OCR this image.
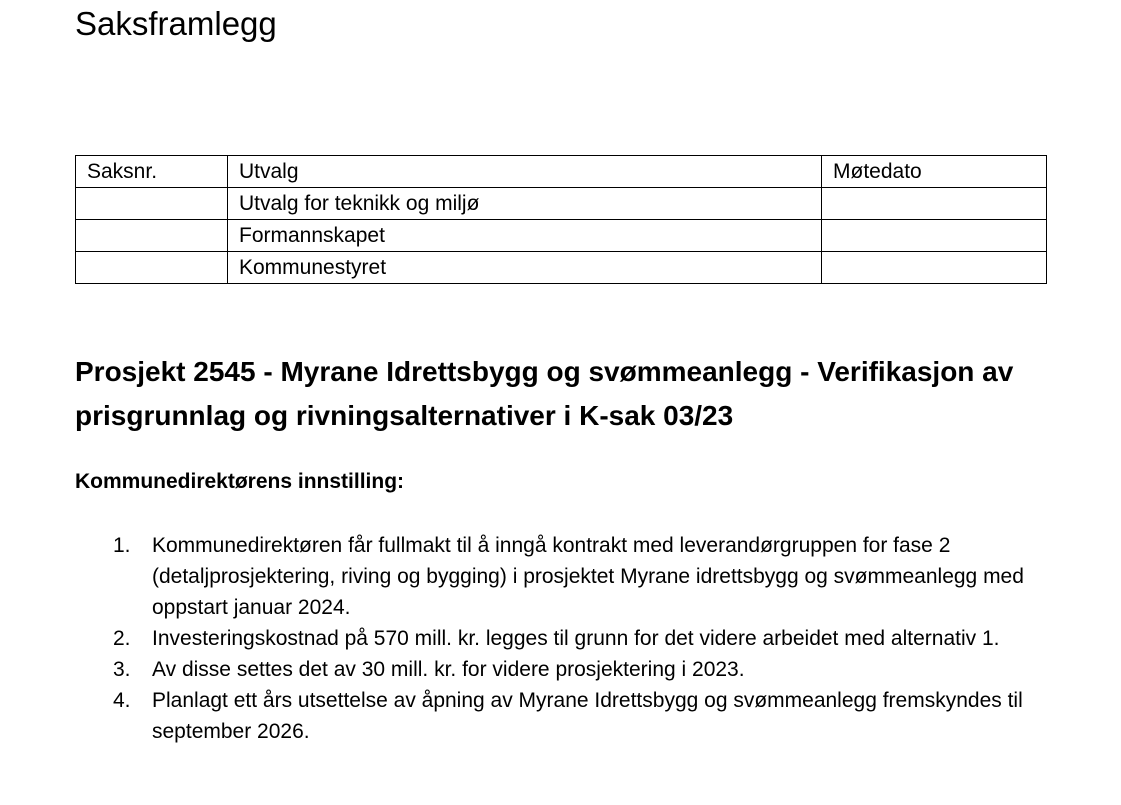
Saksframlegg
Saksnr.	Utvalg	Møtedato
	Utvalg for teknikk og miljø	
	Formannskapet	
	Kommunestyret	
Prosjekt 2545 - Myrane Idrettsbygg og svømmeanlegg - Verifikasjon av prisgrunnlag og rivningsalternativer i K-sak 03/23
Kommunedirektørens innstilling:
1. Kommunedirektøren får fullmakt til å inngå kontrakt med leverandørgruppen for fase 2 (detaljprosjektering, riving og bygging) i prosjektet Myrane idrettsbygg og svømmeanlegg med oppstart januar 2024.
2. Investeringskostnad på 570 mill. kr. legges til grunn for det videre arbeidet med alternativ 1.
3. Av disse settes det av 30 mill. kr. for videre prosjektering i 2023.
4. Planlagt ett års utsettelse av åpning av Myrane Idrettsbygg og svømmeanlegg fremskyndes til september 2026.
